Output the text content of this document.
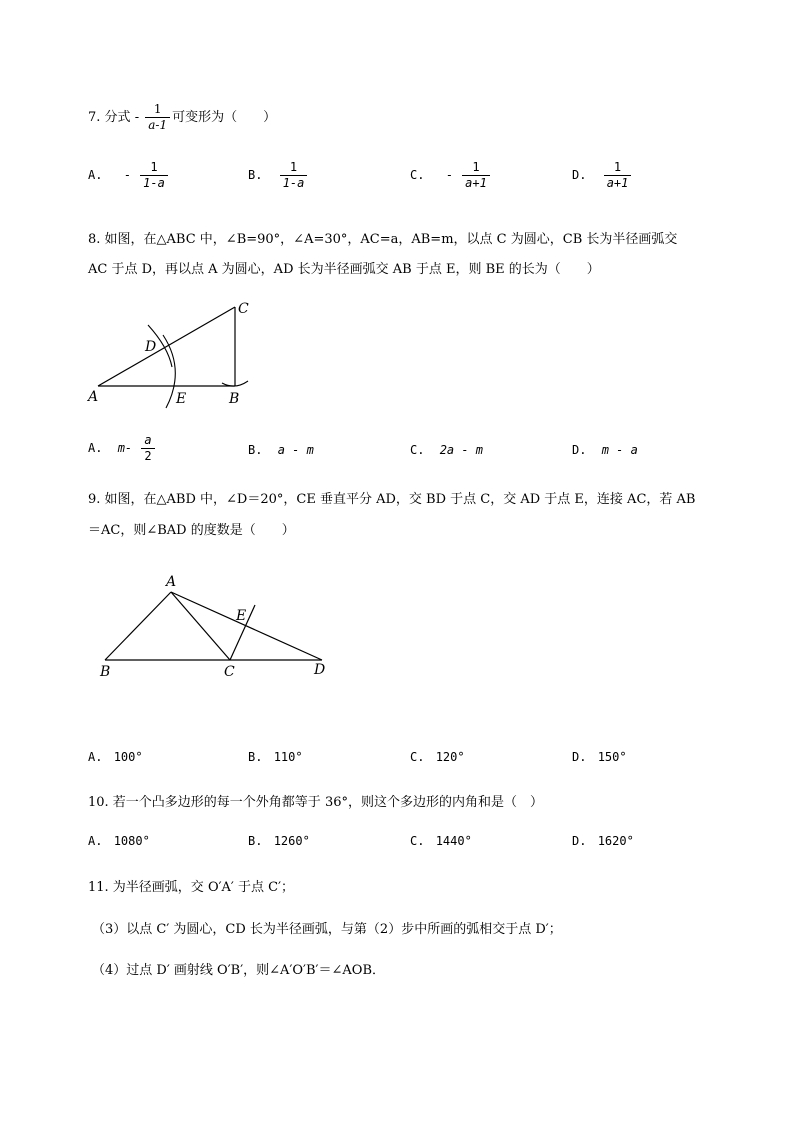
7. 分式 - $\frac{1}{a-1}$ 可变形为（　　）
A. - $\frac{1}{1-a}$	B. $\frac{1}{1-a}$	C. - $\frac{1}{a+1}$	D. $\frac{1}{a+1}$
8. 如图，在△ABC 中，∠B=90°，∠A=30°，AC=a，AB=m，以点 C 为圆心，CB 长为半径画弧交
AC 于点 D，再以点 A 为圆心，AD 长为半径画弧交 AB 于点 E，则 BE 的长为（　　）
A	B
C
D
E
A. $m- \frac{a}{2}$	B. a - m	C. 2a - m	D. m - a
9. 如图，在△ABD 中，∠D＝20°，CE 垂直平分 AD，交 BD 于点 C，交 AD 于点 E，连接 AC，若 AB
＝AC，则∠BAD 的度数是（　　）
A
B	C	D
E
A. 100°	B. 110°	C. 120°	D. 150°
10. 若一个凸多边形的每一个外角都等于 36°，则这个多边形的内角和是（　）
A. 1080°	B. 1260°	C. 1440°	D. 1620°
11. 为半径画弧，交 O′A′ 于点 C′；
（3）以点 C′ 为圆心，CD 长为半径画弧，与第（2）步中所画的弧相交于点 D′；
（4）过点 D′ 画射线 O′B′，则∠A′O′B′＝∠AOB．
